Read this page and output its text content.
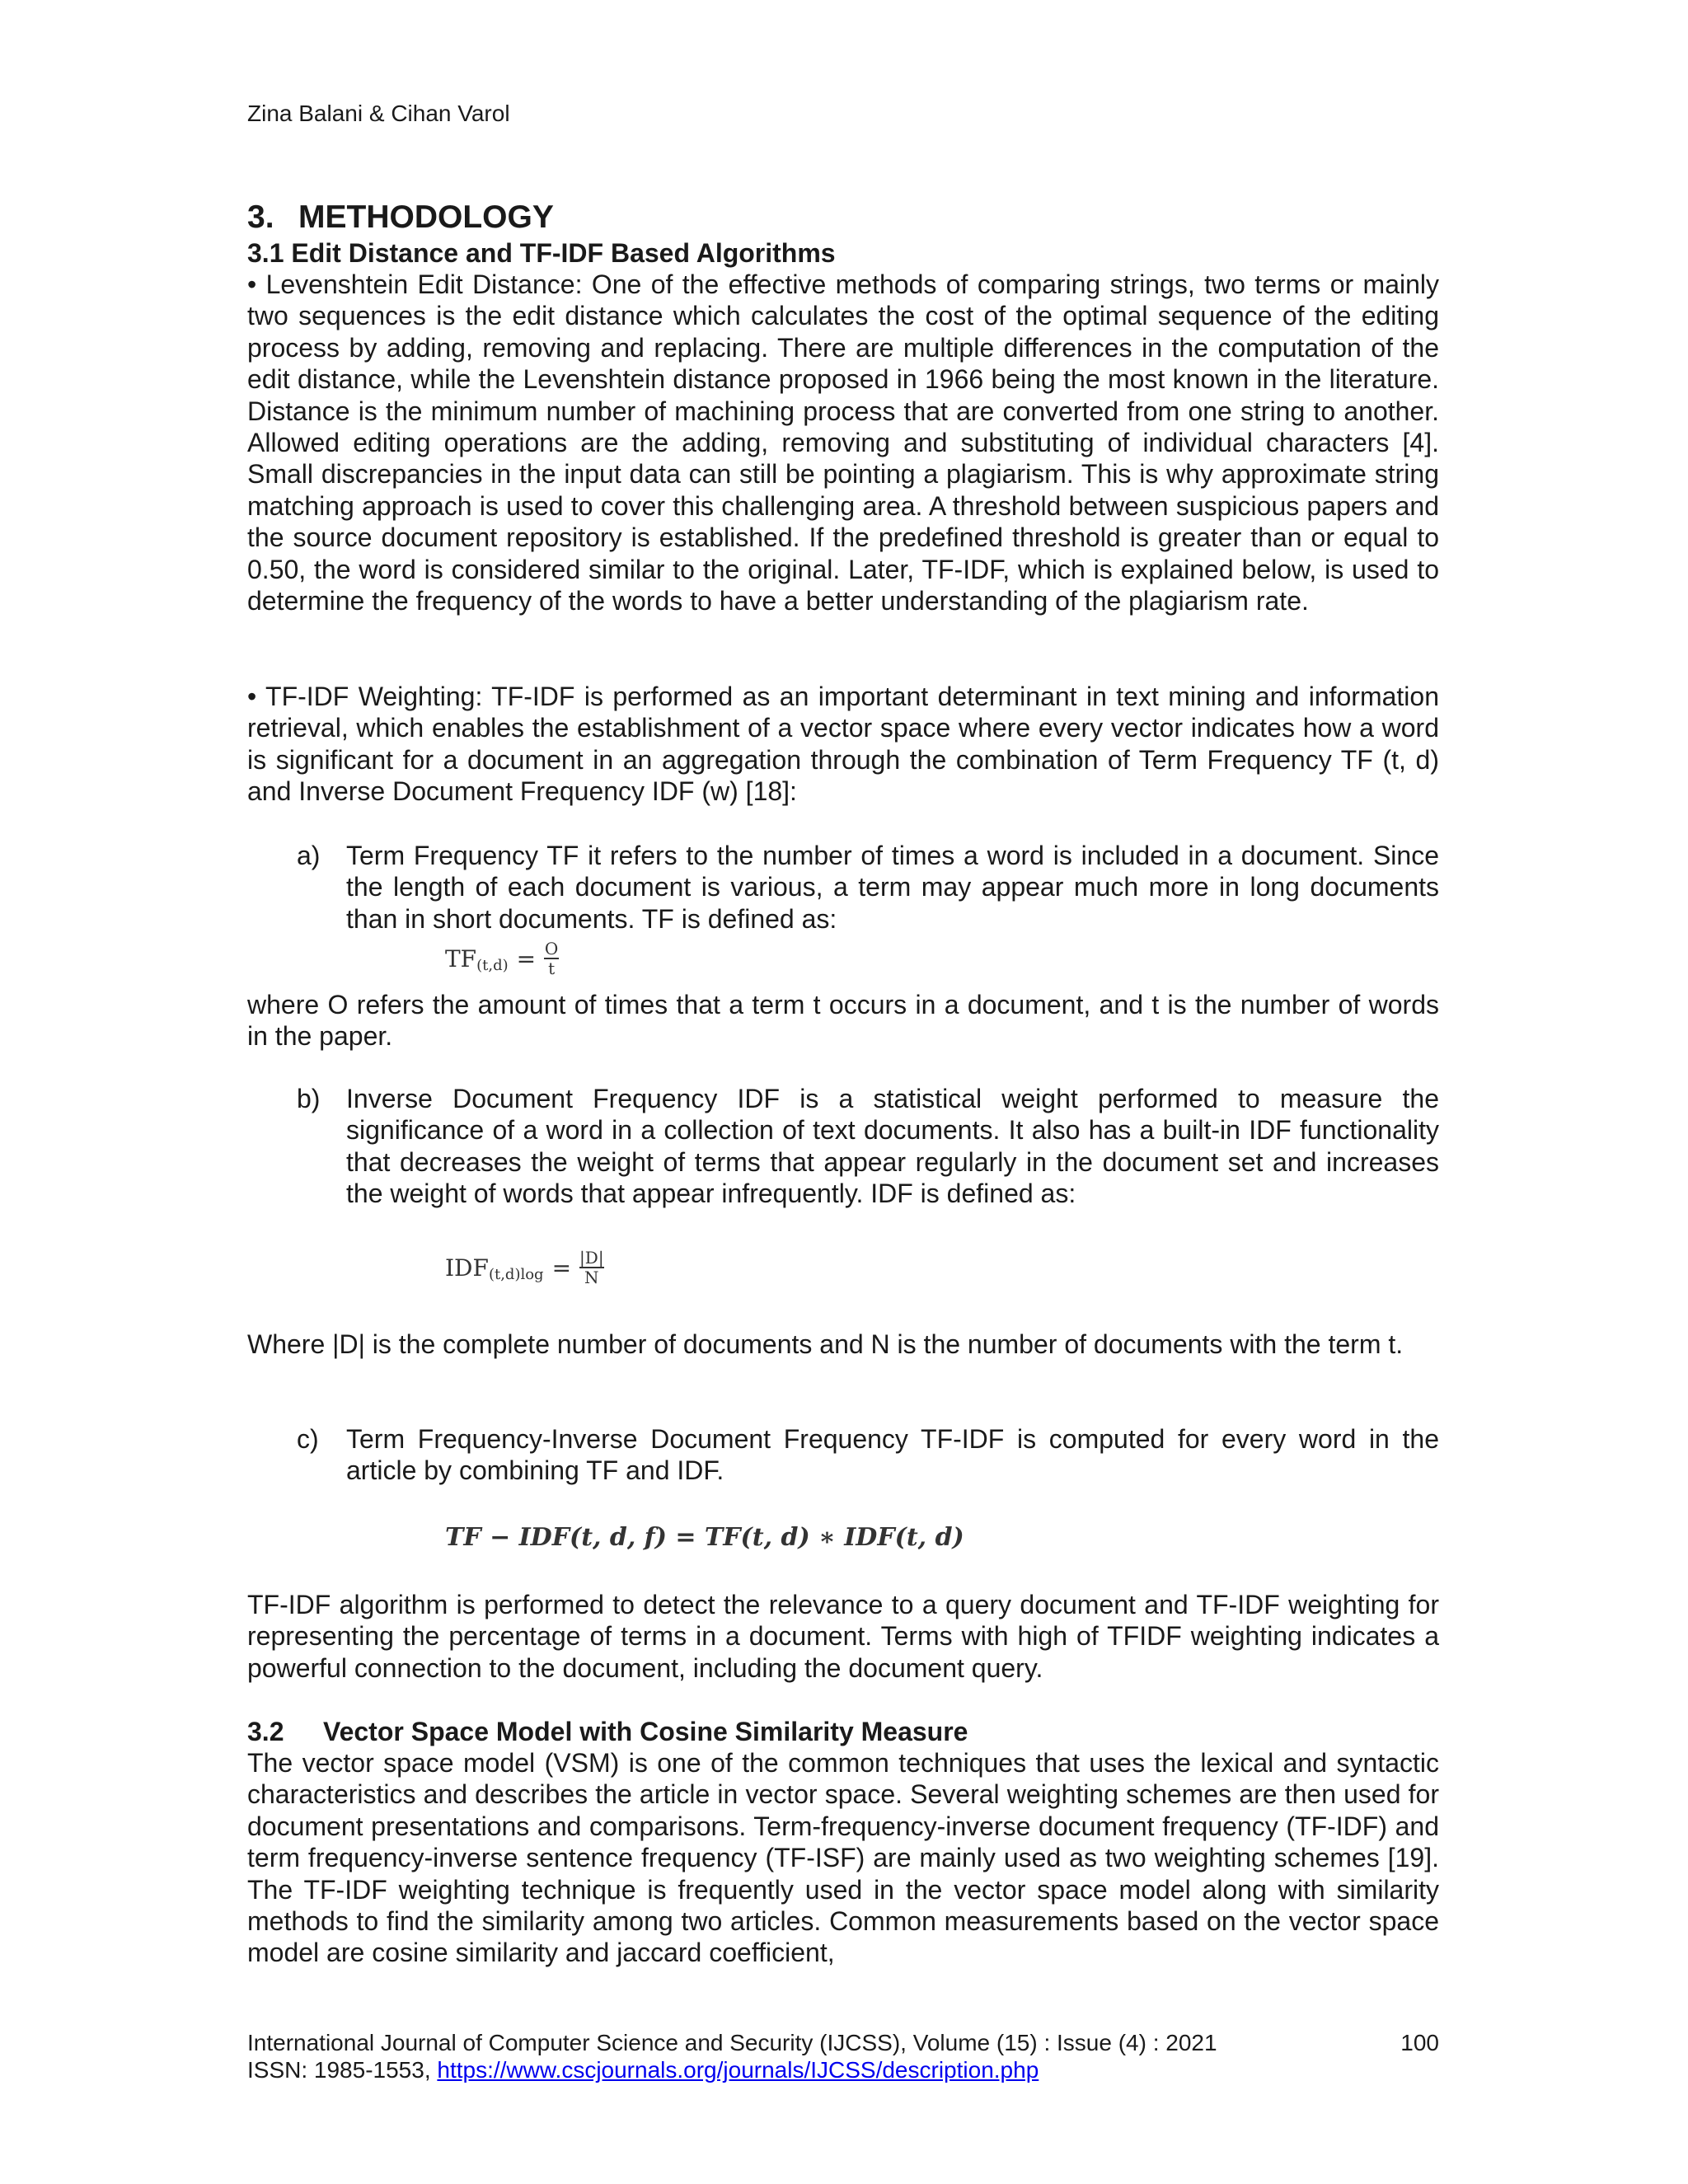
Zina Balani & Cihan Varol
3. METHODOLOGY
3.1 Edit Distance and TF-IDF Based Algorithms
• Levenshtein Edit Distance: One of the effective methods of comparing strings, two terms or mainly two sequences is the edit distance which calculates the cost of the optimal sequence of the editing process by adding, removing and replacing. There are multiple differences in the computation of the edit distance, while the Levenshtein distance proposed in 1966 being the most known in the literature. Distance is the minimum number of machining process that are converted from one string to another. Allowed editing operations are the adding, removing and substituting of individual characters [4]. Small discrepancies in the input data can still be pointing a plagiarism. This is why approximate string matching approach is used to cover this challenging area. A threshold between suspicious papers and the source document repository is established. If the predefined threshold is greater than or equal to 0.50, the word is considered similar to the original. Later, TF-IDF, which is explained below, is used to determine the frequency of the words to have a better understanding of the plagiarism rate.
• TF-IDF Weighting: TF-IDF is performed as an important determinant in text mining and information retrieval, which enables the establishment of a vector space where every vector indicates how a word is significant for a document in an aggregation through the combination of Term Frequency TF (t, d) and Inverse Document Frequency IDF (w) [18]:
a) Term Frequency TF it refers to the number of times a word is included in a document. Since the length of each document is various, a term may appear much more in long documents than in short documents. TF is defined as:
TF $(t,d) = \frac{O}{t}$
where O refers the amount of times that a term t occurs in a document, and t is the number of words in the paper.
b) Inverse Document Frequency IDF is a statistical weight performed to measure the significance of a word in a collection of text documents. It also has a built-in IDF functionality that decreases the weight of terms that appear regularly in the document set and increases the weight of words that appear infrequently. IDF is defined as:
IDF $(t,d)\log = \frac{|D|}{N}$
Where |D| is the complete number of documents and N is the number of documents with the term t.
c) Term Frequency-Inverse Document Frequency TF-IDF is computed for every word in the article by combining TF and IDF.
TF − IDF(t, d, f) = TF(t, d) ∗ IDF(t, d)
TF-IDF algorithm is performed to detect the relevance to a query document and TF-IDF weighting for representing the percentage of terms in a document. Terms with high of TFIDF weighting indicates a powerful connection to the document, including the document query.
3.2 Vector Space Model with Cosine Similarity Measure
The vector space model (VSM) is one of the common techniques that uses the lexical and syntactic characteristics and describes the article in vector space. Several weighting schemes are then used for document presentations and comparisons. Term-frequency-inverse document frequency (TF-IDF) and term frequency-inverse sentence frequency (TF-ISF) are mainly used as two weighting schemes [19]. The TF-IDF weighting technique is frequently used in the vector space model along with similarity methods to find the similarity among two articles. Common measurements based on the vector space model are cosine similarity and jaccard coefficient,
International Journal of Computer Science and Security (IJCSS), Volume (15) : Issue (4) : 2021	100
ISSN: 1985-1553, https://www.cscjournals.org/journals/IJCSS/description.php
